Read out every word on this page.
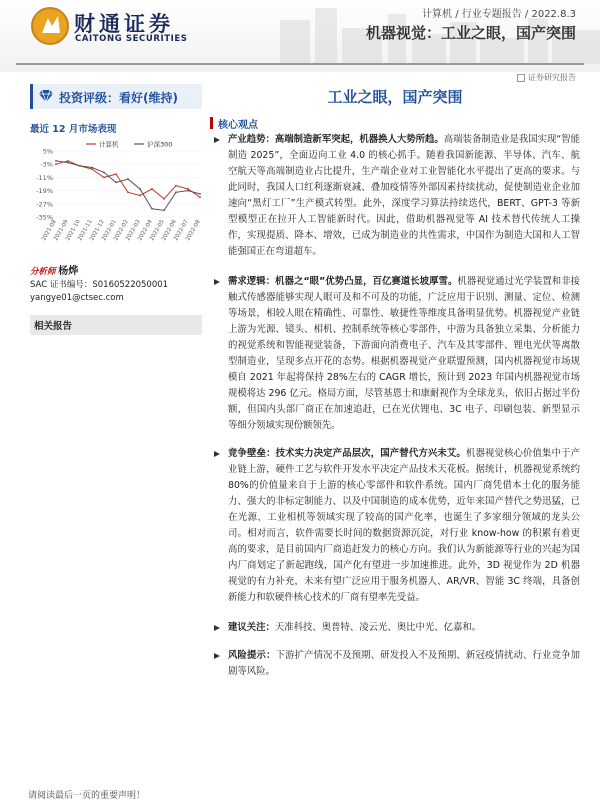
财通证券
CAITONG SECURITIES
计算机 / 行业专题报告 / 2022.8.3
机器视觉：工业之眼，国产突围
证券研究报告
投资评级：看好(维持)
最近 12 月市场表现
-35%
-27%
-19%
-11%
-3%
5%
2021-08
2021-09
2021-10
2021-11
2021-12
2022-01
2022-02
2022-03
2022-04
2022-05
2022-06
2022-07
2022-08
计算机	沪深300
分析师 杨烨
SAC 证书编号：S0160522050001
yangye01@ctsec.com
相关报告
工业之眼，国产突围
核心观点
产业趋势：高端制造新军突起，机器换人大势所趋。高端装备制造业是我国实现“智能制造 2025”，全面迈向工业 4.0 的核心抓手。随着我国新能源、半导体、汽车、航空航天等高端制造业占比提升，生产端企业对工业智能化水平提出了更高的要求。与此同时，我国人口红利逐渐衰减、叠加疫情等外部因素持续扰动，促使制造业企业加速向“黑灯工厂”生产模式转型。此外，深度学习算法持续迭代，BERT、GPT-3 等新型模型正在拉开人工智能新时代。因此，借助机器视觉等 AI 技术替代传统人工操作，实现提质、降本、增效，已成为制造业的共性需求，中国作为制造大国和人工智能强国正在弯道超车。
需求逻辑：机器之“眼”优势凸显，百亿赛道长坡厚雪。机器视觉通过光学装置和非接触式传感器能够实现人眼可及和不可及的功能，广泛应用于识别、测量、定位、检测等场景，相较人眼在精确性、可靠性、敏捷性等维度具备明显优势。机器视觉产业链上游为光源、镜头、相机、控制系统等核心零部件，中游为具备独立采集、分析能力的视觉系统和智能视觉装备，下游面向消费电子、汽车及其零部件、锂电光伏等离散型制造业，呈现多点开花的态势。根据机器视觉产业联盟预测，国内机器视觉市场规模自 2021 年起将保持 28%左右的 CAGR 增长，预计到 2023 年国内机器视觉市场规模将达 296 亿元。格局方面，尽管基恩士和康耐视作为全球龙头，依旧占据过半份额，但国内头部厂商正在加速追赶，已在光伏锂电、3C 电子、印刷包装、新型显示等细分领域实现份额领先。
竞争壁垒：技术实力决定产品层次，国产替代方兴未艾。机器视觉核心价值集中于产业链上游，硬件工艺与软件开发水平决定产品技术天花板。据统计，机器视觉系统约 80%的价值量来自于上游的核心零部件和软件系统。国内厂商凭借本土化的服务能力、强大的非标定制能力、以及中国制造的成本优势，近年来国产替代之势迅猛，已在光源、工业相机等领域实现了较高的国产化率，也诞生了多家细分领域的龙头公司。相对而言，软件需要长时间的数据资源沉淀，对行业 know-how 的积累有着更高的要求，是目前国内厂商追赶发力的核心方向。我们认为新能源等行业的兴起为国内厂商划定了新起跑线，国产化有望进一步加速推进。此外，3D 视觉作为 2D 机器视觉的有力补充，未来有望广泛应用于服务机器人、AR/VR、智能 3C 终端，具备创新能力和软硬件核心技术的厂商有望率先受益。
建议关注：天准科技、奥普特、凌云光、奥比中光、亿嘉和。
风险提示：下游扩产情况不及预期、研发投入不及预期、新冠疫情扰动、行业竞争加剧等风险。
请阅读最后一页的重要声明！
